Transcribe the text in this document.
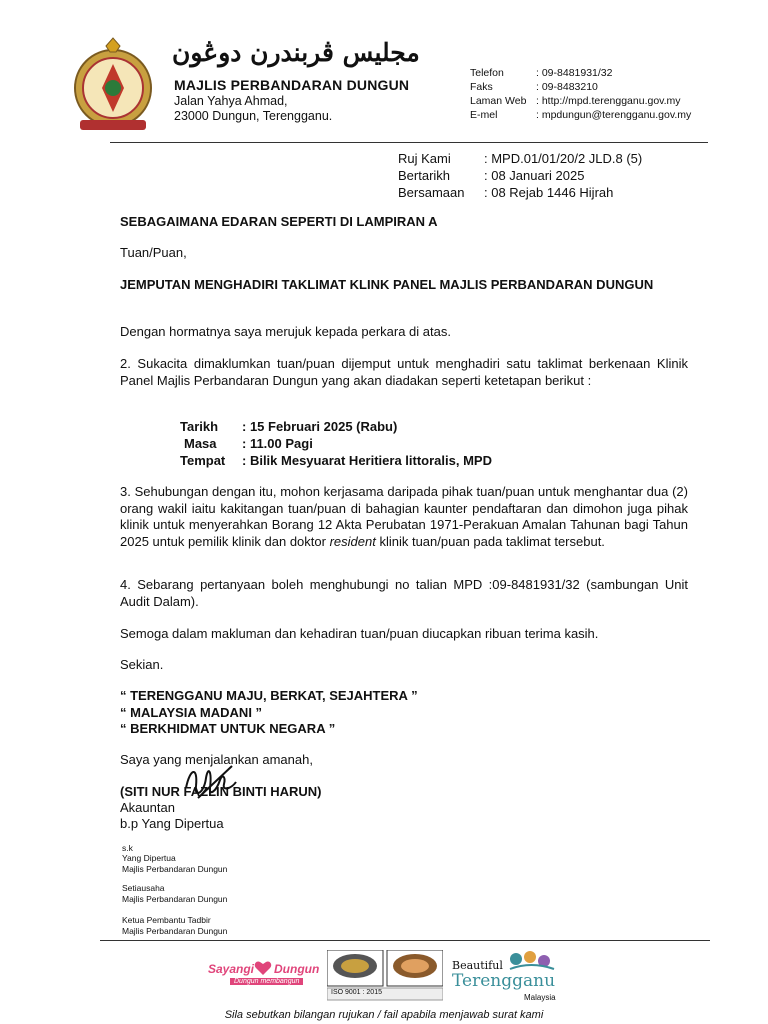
مجليس ڤربندرن دوڠون
MAJLIS PERBANDARAN DUNGUN
Jalan Yahya Ahmad,
23000 Dungun, Terengganu.
Telefon	: 09-8481931/32
Faks	: 09-8483210
Laman Web : http://mpd.terengganu.gov.my
E-mel	: mpdungun@terengganu.gov.my
Ruj Kami	: MPD.01/01/20/2 JLD.8 (5)
Bertarikh	: 08 Januari 2025
Bersamaan	: 08 Rejab 1446 Hijrah
SEBAGAIMANA EDARAN SEPERTI DI LAMPIRAN A
Tuan/Puan,
JEMPUTAN MENGHADIRI TAKLIMAT KLINK PANEL MAJLIS PERBANDARAN DUNGUN
Dengan hormatnya saya merujuk kepada perkara di atas.
2. Sukacita dimaklumkan tuan/puan dijemput untuk menghadiri satu taklimat berkenaan Klinik Panel Majlis Perbandaran Dungun yang akan diadakan seperti ketetapan berikut :
Tarikh	: 15 Februari 2025 (Rabu)
Masa	: 11.00 Pagi
Tempat	: Bilik Mesyuarat Heritiera littoralis, MPD
3. Sehubungan dengan itu, mohon kerjasama daripada pihak tuan/puan untuk menghantar dua (2) orang wakil iaitu kakitangan tuan/puan di bahagian kaunter pendaftaran dan dimohon juga pihak klinik untuk menyerahkan Borang 12 Akta Perubatan 1971-Perakuan Amalan Tahunan bagi Tahun 2025 untuk pemilik klinik dan doktor resident klinik tuan/puan pada taklimat tersebut.
4. Sebarang pertanyaan boleh menghubungi no talian MPD :09-8481931/32 (sambungan Unit Audit Dalam).
Semoga dalam makluman dan kehadiran tuan/puan diucapkan ribuan terima kasih.
Sekian.
“ TERENGGANU MAJU, BERKAT, SEJAHTERA ”
“ MALAYSIA MADANI ”
“ BERKHIDMAT UNTUK NEGARA ”
Saya yang menjalankan amanah,
(SITI NUR FAZLIN BINTI HARUN)
Akauntan
b.p Yang Dipertua
s.k
Yang Dipertua
Majlis Perbandaran Dungun
Setiausaha
Majlis Perbandaran Dungun
Ketua Pembantu Tadbir
Majlis Perbandaran Dungun
Sayangi Dungun
Dungun membangun
ISO 9001 : 2015
Beautiful
Terengganu
Malaysia
Sila sebutkan bilangan rujukan / fail apabila menjawab surat kami
